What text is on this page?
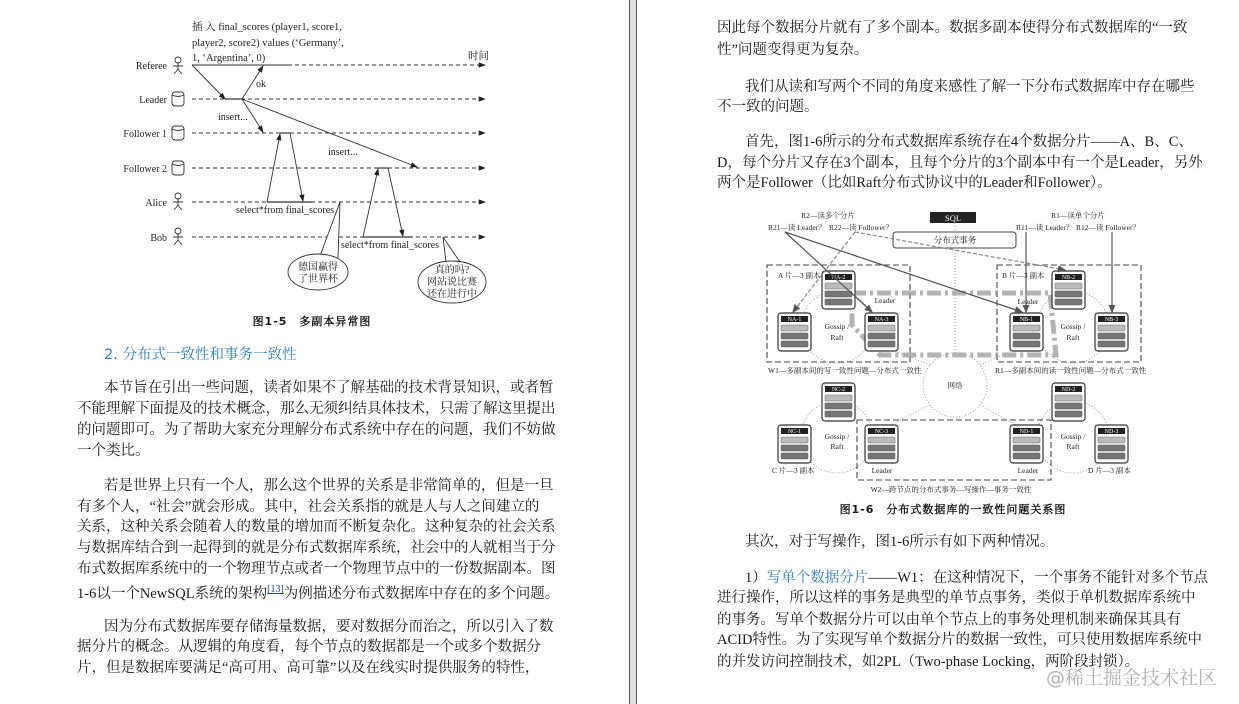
插 入 final_scores (player1, score1,
player2, score2) values (‘Germany’,
1, ‘Argentina’, 0)	时间
Referee
Leader
Follower 1
Follower 2
Alice
Bob
ok
insert...
insert...
select*from final_scores
select*from final_scores
德国赢得
了世界杯
真的吗?
网站说比赛
还在进行中
图1-5　多副本异常图
2. 分布式一致性和事务一致性
本节旨在引出一些问题，读者如果不了解基础的技术背景知识，或者暂
不能理解下面提及的技术概念，那么无须纠结具体技术，只需了解这里提出
的问题即可。为了帮助大家充分理解分布式系统中存在的问题，我们不妨做
一个类比。
若是世界上只有一个人，那么这个世界的关系是非常简单的，但是一旦
有多个人，“社会”就会形成。其中，社会关系指的就是人与人之间建立的
关系，这种关系会随着人的数量的增加而不断复杂化。这种复杂的社会关系
与数据库结合到一起得到的就是分布式数据库系统，社会中的人就相当于分
布式数据库系统中的一个物理节点或者一个物理节点中的一份数据副本。图
1-6以一个NewSQL系统的架构[13]为例描述分布式数据库中存在的多个问题。
因为分布式数据库要存储海量数据，要对数据分而治之，所以引入了数
据分片的概念。从逻辑的角度看，每个节点的数据都是一个或多个数据分
片，但是数据库要满足“高可用、高可靠”以及在线实时提供服务的特性，
因此每个数据分片就有了多个副本。数据多副本使得分布式数据库的“一致
性”问题变得更为复杂。
我们从读和写两个不同的角度来感性了解一下分布式数据库中存在哪些
不一致的问题。
首先，图1-6所示的分布式数据库系统存在4个数据分片——A、B、C、
D，每个分片又存在3个副本，且每个分片的3个副本中有一个是Leader，另外
两个是Follower（比如Raft分布式协议中的Leader和Follower）。
SQL
分布式事务
NA-2
NA-1	NA-3
NB-2
NB-1	NB-3
NC-2
NC-1	NC-3
ND-2
ND-1	ND-3
R2—读多个分片
R21—读 Leader？ R22—读 Follower？
R1—读单个分片
R11—读 Leader？ R12—读 Follower？
A 片—3 副本	B 片—3 副本
Leader	Leader
Gossip /
Raft
Gossip /
Raft
W1—多副本间的写一致性问题—分布式一致性	R1—多副本间的读一致性问题—分布式一致性
网络
Gossip /
Raft
Gossip /
Raft
C 片—3 副本	Leader	Leader	D 片—3 副本
W2—跨节点的分布式事务—写操作—事务一致性
图1-6　分布式数据库的一致性问题关系图
其次，对于写操作，图1-6所示有如下两种情况。
1）写单个数据分片——W1：在这种情况下，一个事务不能针对多个节点
进行操作，所以这样的事务是典型的单节点事务，类似于单机数据库系统中
的事务。写单个数据分片可以由单个节点上的事务处理机制来确保其具有
ACID特性。为了实现写单个数据分片的数据一致性，可只使用数据库系统中
的并发访问控制技术，如2PL（Two-phase Locking，两阶段封锁）。
@稀土掘金技术社区
